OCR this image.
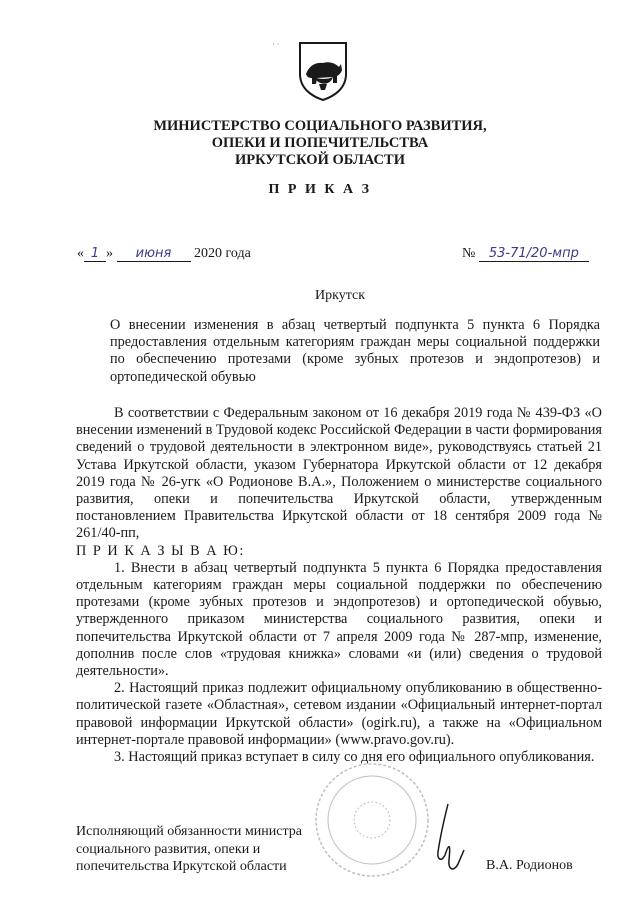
· ·
МИНИСТЕРСТВО СОЦИАЛЬНОГО РАЗВИТИЯ,
ОПЕКИ И ПОПЕЧИТЕЛЬСТВА
ИРКУТСКОЙ ОБЛАСТИ
П Р И К А З
« 1 » июня 2020 года	№ 53-71/20-мпр
Иркутск
О внесении изменения в абзац четвертый подпункта 5 пункта 6 Порядка предоставления отдельным категориям граждан меры социальной поддержки по обеспечению протезами (кроме зубных протезов и эндопротезов) и ортопедической обувью

В соответствии с Федеральным законом от 16 декабря 2019 года № 439-ФЗ «О внесении изменений в Трудовой кодекс Российской Федерации в части формирования сведений о трудовой деятельности в электронном виде», руководствуясь статьей 21 Устава Иркутской области, указом Губернатора Иркутской области от 12 декабря 2019 года № 26-угк «О Родионове В.А.», Положением о министерстве социального развития, опеки и попечительства Иркутской области, утвержденным постановлением Правительства Иркутской области от 18 сентября 2009 года № 261/40-пп,

П Р И К А З Ы В А Ю:

1. Внести в абзац четвертый подпункта 5 пункта 6 Порядка предоставления отдельным категориям граждан меры социальной поддержки по обеспечению протезами (кроме зубных протезов и эндопротезов) и ортопедической обувью, утвержденного приказом министерства социального развития, опеки и попечительства Иркутской области от 7 апреля 2009 года № 287-мпр, изменение, дополнив после слов «трудовая книжка» словами «и (или) сведения о трудовой деятельности».

2. Настоящий приказ подлежит официальному опубликованию в общественно-политической газете «Областная», сетевом издании «Официальный интернет-портал правовой информации Иркутской области» (ogirk.ru), а также на «Официальном интернет-портале правовой информации» (www.pravo.gov.ru).

3. Настоящий приказ вступает в силу со дня его официального опубликования.

Исполняющий обязанности министра
социального развития, опеки и
попечительства Иркутской области	В.А. Родионов
